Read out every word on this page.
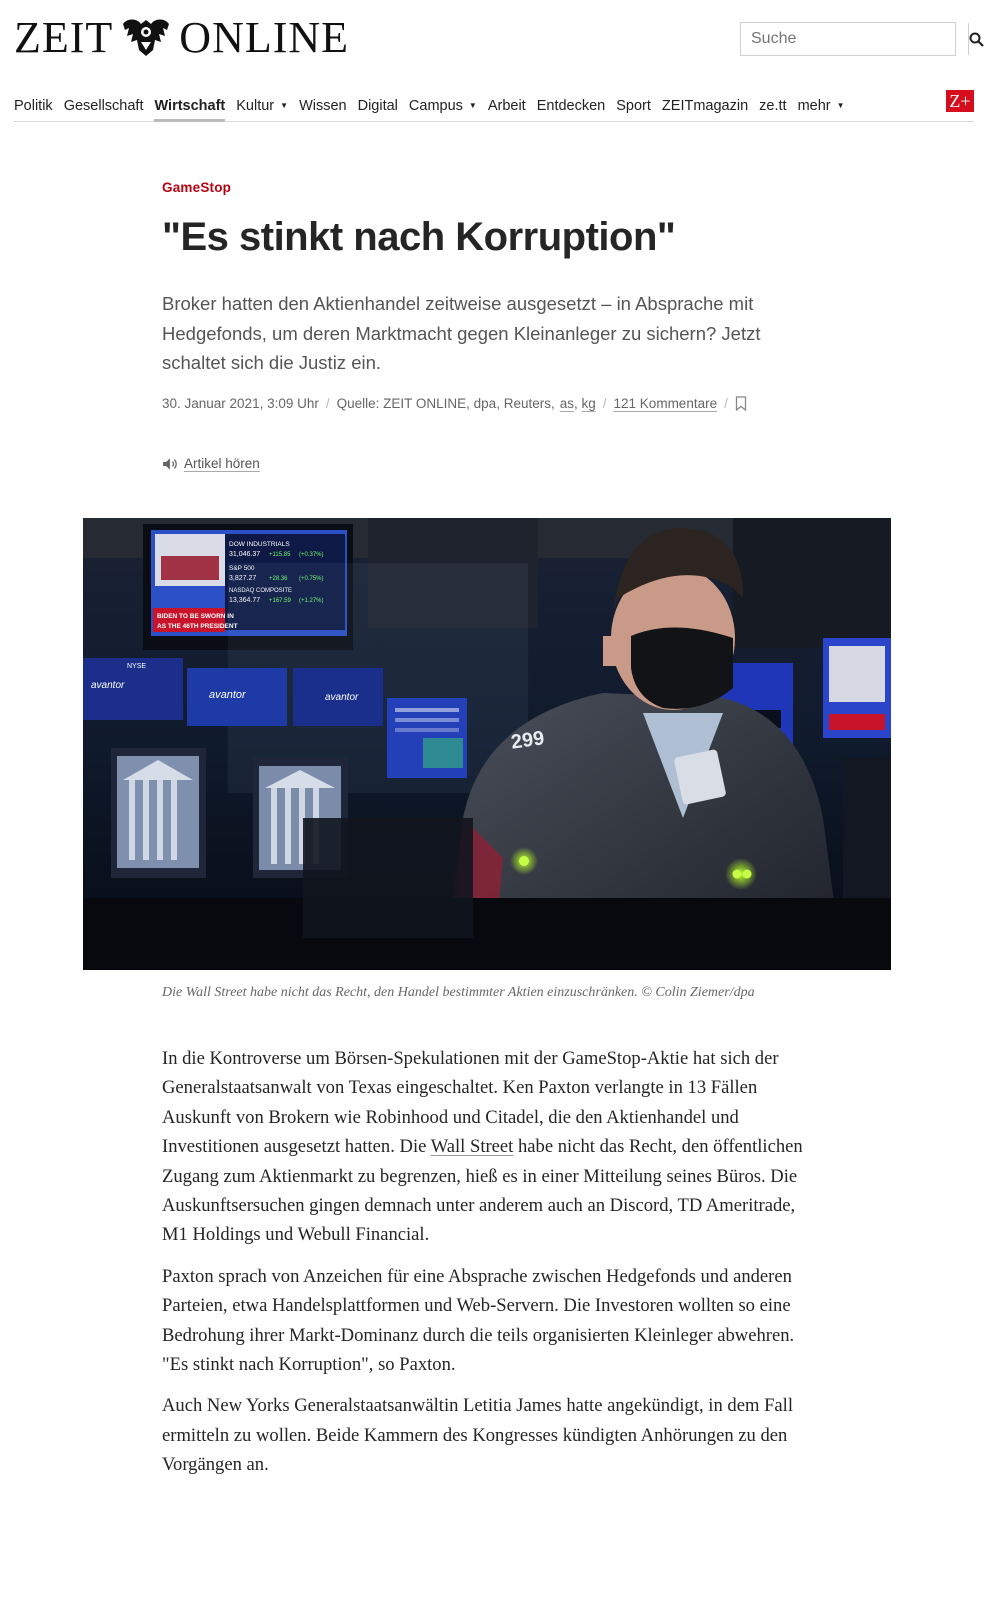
ZEIT ONLINE
Suche
Politik Gesellschaft Wirtschaft Kultur ▼ Wissen Digital Campus ▼ Arbeit Entdecken Sport ZEITmagazin ze.tt mehr ▼	Z+
GameStop
"Es stinkt nach Korruption"

Broker hatten den Aktienhandel zeitweise ausgesetzt – in Absprache mit Hedgefonds, um deren Marktmacht gegen Kleinanleger zu sichern? Jetzt schaltet sich die Justiz ein.

30. Januar 2021, 3:09 Uhr / Quelle: ZEIT ONLINE, dpa, Reuters, as , kg / 121 Kommentare /
Artikel hören
DOW INDUSTRIALS
31,046.37 +115.85 (+0.37%)
S&P 500
3,827.27 +28.36 (+0.75%)
NASDAQ COMPOSITE
13,364.77 +167.59 (+1.27%)
BIDEN TO BE SWORN IN
AS THE 46TH PRESIDENT
avantor
NYSE
avantor	avantor
299

Die Wall Street habe nicht das Recht, den Handel bestimmter Aktien einzuschränken. © Colin Ziemer/dpa

In die Kontroverse um Börsen-Spekulationen mit der GameStop-Aktie hat sich der Generalstaatsanwalt von Texas eingeschaltet. Ken Paxton verlangte in 13 Fällen Auskunft von Brokern wie Robinhood und Citadel, die den Aktienhandel und Investitionen ausgesetzt hatten. Die Wall Street habe nicht das Recht, den öffentlichen Zugang zum Aktienmarkt zu begrenzen, hieß es in einer Mitteilung seines Büros. Die Auskunftsersuchen gingen demnach unter anderem auch an Discord, TD Ameritrade, M1 Holdings und Webull Financial.

Paxton sprach von Anzeichen für eine Absprache zwischen Hedgefonds und anderen Parteien, etwa Handelsplattformen und Web-Servern. Die Investoren wollten so eine Bedrohung ihrer Markt-Dominanz durch die teils organisierten Kleinleger abwehren. "Es stinkt nach Korruption", so Paxton.

Auch New Yorks Generalstaatsanwältin Letitia James hatte angekündigt, in dem Fall ermitteln zu wollen. Beide Kammern des Kongresses kündigten Anhörungen zu den Vorgängen an.
